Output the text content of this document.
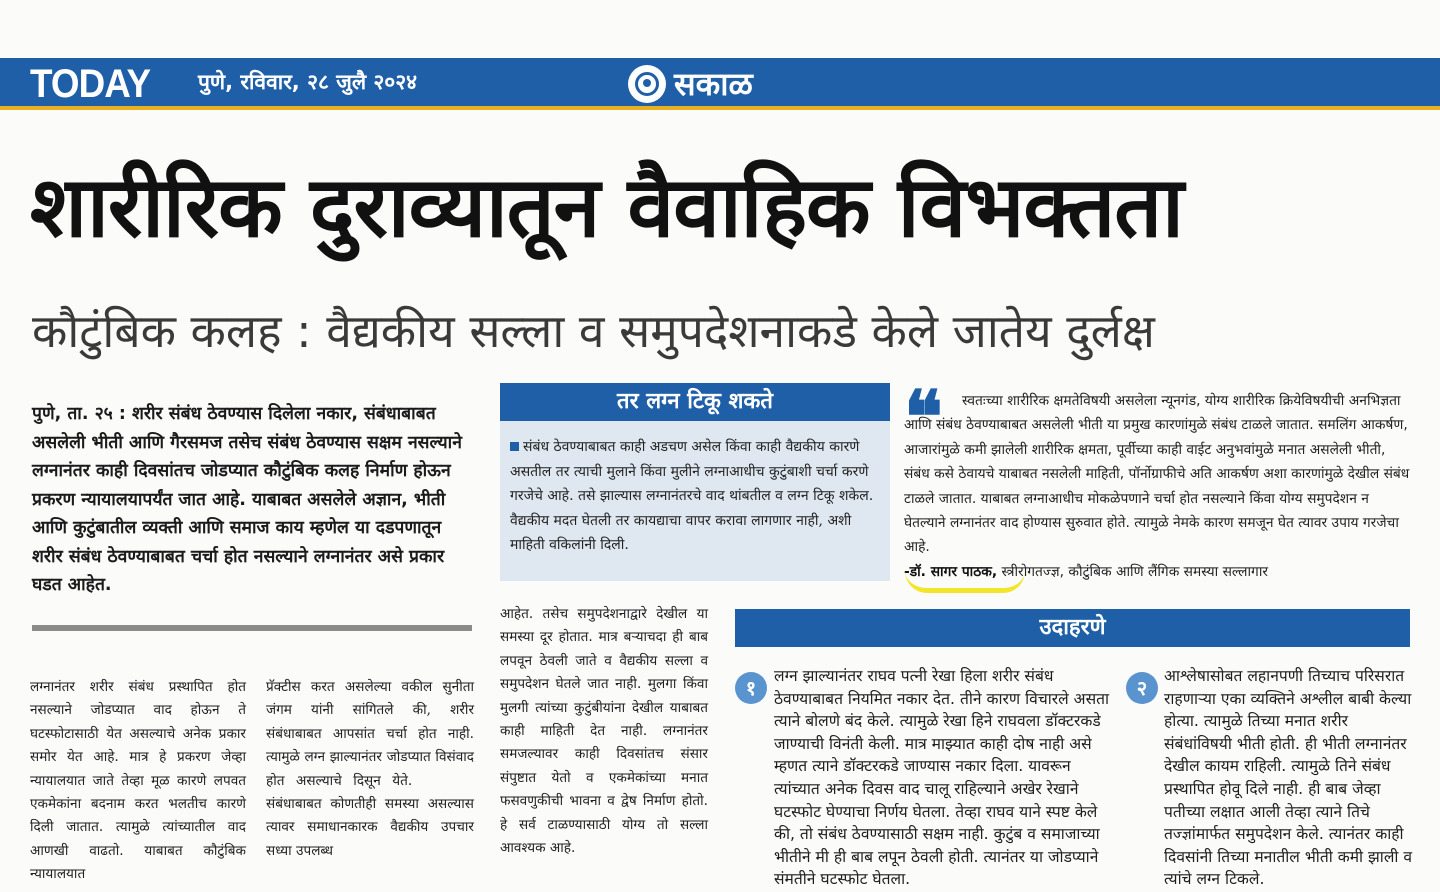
TODAY पुणे, रविवार, २८ जुलै २०२४	सकाळ
शारीरिक दुराव्यातून वैवाहिक विभक्तता
कौटुंबिक कलह : वैद्यकीय सल्ला व समुपदेशनाकडे केले जातेय दुर्लक्ष
पुणे, ता. २५ : शरीर संबंध ठेवण्यास दिलेला नकार, संबंधाबाबत असलेली भीती आणि गैरसमज तसेच संबंध ठेवण्यास सक्षम नसल्याने लग्नानंतर काही दिवसांतच जोडप्यात कौटुंबिक कलह निर्माण होऊन प्रकरण न्यायालयापर्यंत जात आहे. याबाबत असलेले अज्ञान, भीती आणि कुटुंबातील व्यक्ती आणि समाज काय म्हणेल या दडपणातून शरीर संबंध ठेवण्याबाबत चर्चा होत नसल्याने लग्नानंतर असे प्रकार घडत आहेत.
लग्नानंतर शरीर संबंध प्रस्थापित होत नसल्याने जोडप्यात वाद होऊन ते घटस्फोटासाठी येत असल्याचे अनेक प्रकार समोर येत आहे. मात्र हे प्रकरण जेव्हा न्यायालयात जाते तेव्हा मूळ कारणे लपवत एकमेकांना बदनाम करत भलतीच कारणे दिली जातात. त्यामुळे त्यांच्यातील वाद आणखी वाढतो. याबाबत कौटुंबिक न्यायालयात
प्रॅक्टीस करत असलेल्या वकील सुनीता जंगम यांनी सांगितले की, शरीर संबंधाबाबत आपसांत चर्चा होत नाही. त्यामुळे लग्न झाल्यानंतर जोडप्यात विसंवाद होत असल्याचे दिसून येते.       संबंधाबाबत कोणतीही समस्या असल्यास त्यावर समाधानकारक वैद्यकीय उपचार सध्या उपलब्ध
आहेत. तसेच समुपदेशनाद्वारे देखील या समस्या दूर होतात. मात्र बऱ्याचदा ही बाब लपवून ठेवली जाते व वैद्यकीय सल्ला व समुपदेशन घेतले जात नाही. मुलगा किंवा मुलगी त्यांच्या कुटुंबीयांना देखील याबाबत काही माहिती देत नाही. लग्नानंतर समजल्यावर काही दिवसांतच संसार संपुष्टात येतो व एकमेकांच्या मनात फसवणुकीची भावना व द्वेष निर्माण होतो. हे सर्व टाळण्यासाठी योग्य तो सल्ला आवश्यक आहे.
तर लग्न टिकू शकते
संबंध ठेवण्याबाबत काही अडचण असेल किंवा काही वैद्यकीय कारणे असतील तर त्याची मुलाने किंवा मुलीने लग्नाआधीच कुटुंबाशी चर्चा करणे गरजेचे आहे. तसे झाल्यास लग्नानंतरचे वाद थांबतील व लग्न टिकू शकेल. वैद्यकीय मदत घेतली तर कायद्याचा वापर करावा लागणार नाही, अशी माहिती वकिलांनी दिली.
❝	स्वतःच्या शारीरिक क्षमतेविषयी असलेला न्यूनगंड, योग्य शारीरिक क्रियेविषयीची अनभिज्ञता आणि संबंध ठेवण्याबाबत असलेली भीती या प्रमुख कारणांमुळे संबंध टाळले जातात. समलिंग आकर्षण, आजारांमुळे कमी झालेली शारीरिक क्षमता, पूर्वीच्या काही वाईट अनुभवांमुळे मनात असलेली भीती, संबंध कसे ठेवायचे याबाबत नसलेली माहिती, पॉर्नोग्राफीचे अति आकर्षण अशा कारणांमुळे देखील संबंध टाळले जातात. याबाबत लग्नाआधीच मोकळेपणाने चर्चा होत नसल्याने किंवा योग्य समुपदेशन न घेतल्याने लग्नानंतर वाद होण्यास सुरुवात होते. त्यामुळे नेमके कारण समजून घेत त्यावर उपाय गरजेचा आहे.
-डॉ. सागर पाठक, स्त्रीरोगतज्ज्ञ, कौटुंबिक आणि लैंगिक समस्या सल्लागार
उदाहरणे
१	लग्न झाल्यानंतर राघव पत्नी रेखा हिला शरीर संबंध ठेवण्याबाबत नियमित नकार देत. तीने कारण विचारले असता त्याने बोलणे बंद केले. त्यामुळे रेखा हिने राघवला डॉक्टरकडे जाण्याची विनंती केली. मात्र माझ्यात काही दोष नाही असे म्हणत त्याने डॉक्टरकडे जाण्यास नकार दिला. यावरून त्यांच्यात अनेक दिवस वाद चालू राहिल्याने अखेर रेखाने घटस्फोट घेण्याचा निर्णय घेतला. तेव्हा राघव याने स्पष्ट केले की, तो संबंध ठेवण्यासाठी सक्षम नाही. कुटुंब व समाजाच्या भीतीने मी ही बाब लपून ठेवली होती. त्यानंतर या जोडप्याने संमतीने घटस्फोट घेतला.
२	आश्लेषासोबत लहानपणी तिच्याच परिसरात राहणाऱ्या एका व्यक्तिने अश्लील बाबी केल्या होत्या. त्यामुळे तिच्या मनात शरीर संबंधांविषयी भीती होती. ही भीती लग्नानंतर देखील कायम राहिली. त्यामुळे तिने संबंध प्रस्थापित होवू दिले नाही. ही बाब जेव्हा पतीच्या लक्षात आली तेव्हा त्याने तिचे तज्ज्ञांमार्फत समुपदेशन केले. त्यानंतर काही दिवसांनी तिच्या मनातील भीती कमी झाली व त्यांचे लग्न टिकले.
